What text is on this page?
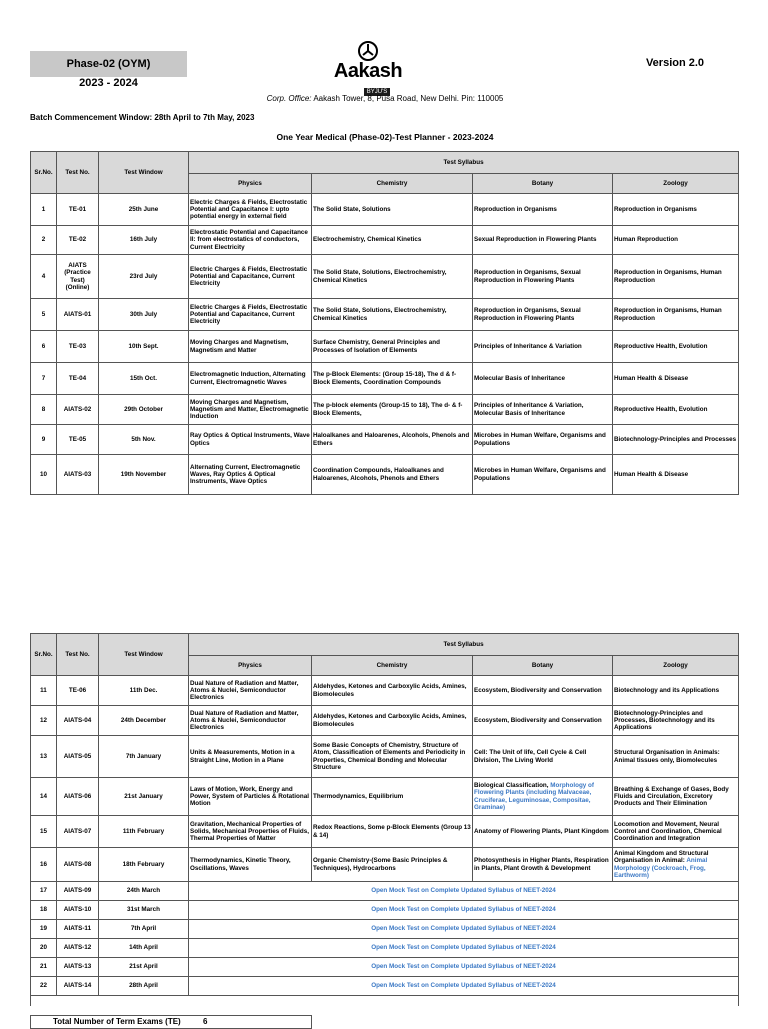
Phase-02 (OYM)
2023 - 2024
Version 2.0
Aakash
BYJU'S
Corp. Office: Aakash Tower, 8, Pusa Road, New Delhi. Pin: 110005
Batch Commencement Window: 28th April to 7th May, 2023
One Year Medical (Phase-02)-Test Planner - 2023-2024
Sr.No.	Test No.	Test Window	Test Syllabus			
			Physics	Chemistry	Botany	Zoology
1	TE-01	25th June	Electric Charges & Fields, Electrostatic Potential and Capacitance I: upto potential energy in external field	The Solid State, Solutions	Reproduction in Organisms	Reproduction in Organisms
2	TE-02	16th July	Electrostatic Potential and Capacitance II: from electrostatics of conductors, Current Electricity	Electrochemistry, Chemical Kinetics	Sexual Reproduction in Flowering Plants	Human Reproduction
4	AIATS (Practice Test) (Online)	23rd July	Electric Charges & Fields, Electrostatic Potential and Capacitance, Current Electricity	The Solid State, Solutions, Electrochemistry, Chemical Kinetics	Reproduction in Organisms, Sexual Reproduction in Flowering Plants	Reproduction in Organisms, Human Reproduction
5	AIATS-01	30th July	Electric Charges & Fields, Electrostatic Potential and Capacitance, Current Electricity	The Solid State, Solutions, Electrochemistry, Chemical Kinetics	Reproduction in Organisms, Sexual Reproduction in Flowering Plants	Reproduction in Organisms, Human Reproduction
6	TE-03	10th Sept.	Moving Charges and Magnetism, Magnetism and Matter	Surface Chemistry, General Principles and Processes of Isolation of Elements	Principles of Inheritance & Variation	Reproductive Health, Evolution
7	TE-04	15th Oct.	Electromagnetic Induction, Alternating Current, Electromagnetic Waves	The p-Block Elements: (Group 15-18), The d & f-Block Elements, Coordination Compounds	Molecular Basis of Inheritance	Human Health & Disease
8	AIATS-02	29th October	Moving Charges and Magnetism, Magnetism and Matter, Electromagnetic Induction	The p-block elements (Group-15 to 18), The d- & f-Block Elements,	Principles of Inheritance & Variation, Molecular Basis of Inheritance	Reproductive Health, Evolution
9	TE-05	5th Nov.	Ray Optics & Optical Instruments, Wave Optics	Haloalkanes and Haloarenes, Alcohols, Phenols and Ethers	Microbes in Human Welfare, Organisms and Populations	Biotechnology-Principles and Processes
10	AIATS-03	19th November	Alternating Current, Electromagnetic Waves, Ray Optics & Optical Instruments, Wave Optics	Coordination Compounds, Haloalkanes and Haloarenes, Alcohols, Phenols and Ethers	Microbes in Human Welfare, Organisms and Populations	Human Health & Disease
Sr.No.	Test No.	Test Window	Test Syllabus			
			Physics	Chemistry	Botany	Zoology
11	TE-06	11th Dec.	Dual Nature of Radiation and Matter, Atoms & Nuclei, Semiconductor Electronics	Aldehydes, Ketones and Carboxylic Acids, Amines, Biomolecules	Ecosystem, Biodiversity and Conservation	Biotechnology and its Applications
12	AIATS-04	24th December	Dual Nature of Radiation and Matter, Atoms & Nuclei, Semiconductor Electronics	Aldehydes, Ketones and Carboxylic Acids, Amines, Biomolecules	Ecosystem, Biodiversity and Conservation	Biotechnology-Principles and Processes, Biotechnology and its Applications
13	AIATS-05	7th January	Units & Measurements, Motion in a Straight Line, Motion in a Plane	Some Basic Concepts of Chemistry, Structure of Atom, Classification of Elements and Periodicity in Properties, Chemical Bonding and Molecular Structure	Cell: The Unit of life, Cell Cycle & Cell Division, The Living World	Structural Organisation in Animals: Animal tissues only, Biomolecules
14	AIATS-06	21st January	Laws of Motion, Work, Energy and Power, System of Particles & Rotational Motion	Thermodynamics, Equilibrium	Biological Classification, Morphology of Flowering Plants (including Malvaceae, Cruciferae, Leguminosae, Compositae, Graminae)	Breathing & Exchange of Gases, Body Fluids and Circulation, Excretory Products and Their Elimination
15	AIATS-07	11th February	Gravitation, Mechanical Properties of Solids, Mechanical Properties of Fluids, Thermal Properties of Matter	Redox Reactions, Some p-Block Elements (Group 13 & 14)	Anatomy of Flowering Plants, Plant Kingdom	Locomotion and Movement, Neural Control and Coordination, Chemical Coordination and Integration
16	AIATS-08	18th February	Thermodynamics, Kinetic Theory, Oscillations, Waves	Organic Chemistry-(Some Basic Principles & Techniques), Hydrocarbons	Photosynthesis in Higher Plants, Respiration in Plants, Plant Growth & Development	Animal Kingdom and Structural Organisation in Animal: Animal Morphology (Cockroach, Frog, Earthworm)
17	AIATS-09	24th March	Open Mock Test on Complete Updated Syllabus of NEET-2024			
18	AIATS-10	31st March	Open Mock Test on Complete Updated Syllabus of NEET-2024			
19	AIATS-11	7th April	Open Mock Test on Complete Updated Syllabus of NEET-2024			
20	AIATS-12	14th April	Open Mock Test on Complete Updated Syllabus of NEET-2024			
21	AIATS-13	21st April	Open Mock Test on Complete Updated Syllabus of NEET-2024			
22	AIATS-14	28th April	Open Mock Test on Complete Updated Syllabus of NEET-2024			

Total Number of Term Exams (TE)	6
